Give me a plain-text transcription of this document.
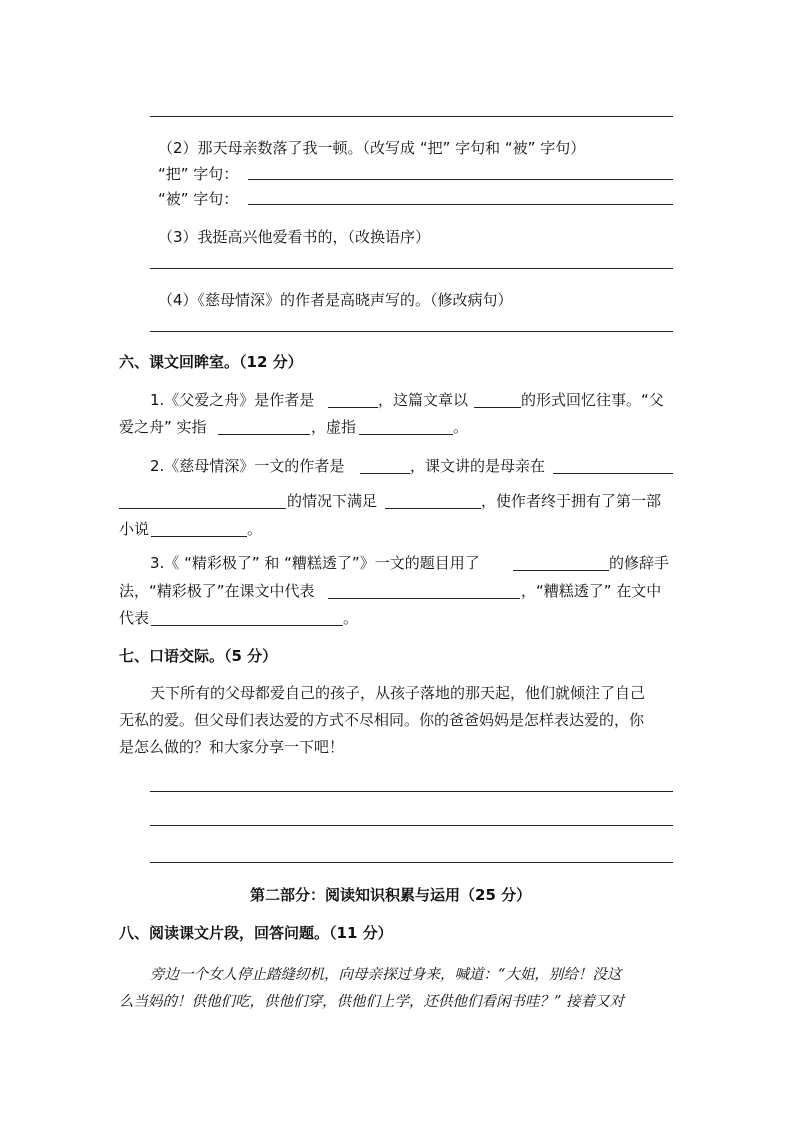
（2）那天母亲数落了我一顿。（改写成 “把” 字句和 “被” 字句）
“把” 字句：
“被” 字句：
（3）我挺高兴他爱看书的，（改换语序）
（4）《慈母情深》的作者是高晓声写的。（修改病句）
六、课文回眸室。（12 分）
1.《父爱之舟》是作者是	，这篇文章以	的形式回忆往事。“父
爱之舟” 实指	，虚指	。
2.《慈母情深》一文的作者是	，课文讲的是母亲在
的情况下满足	，使作者终于拥有了第一部
小说	。
3.《 “精彩极了” 和 “糟糕透了”》一文的题目用了	的修辞手
法，“精彩极了”在课文中代表	，“糟糕透了” 在文中
代表	。
七、口语交际。（5 分）
天下所有的父母都爱自己的孩子，从孩子落地的那天起，他们就倾注了自己
无私的爱。但父母们表达爱的方式不尽相同。你的爸爸妈妈是怎样表达爱的，你
是怎么做的？和大家分享一下吧！
第二部分：阅读知识积累与运用（25 分）
八、阅读课文片段，回答问题。（11 分）
旁边一个女人停止踏缝纫机，向母亲探过身来，喊道：“大姐，别给！没这
么当妈的！供他们吃，供他们穿，供他们上学，还供他们看闲书哇？” 接着又对
